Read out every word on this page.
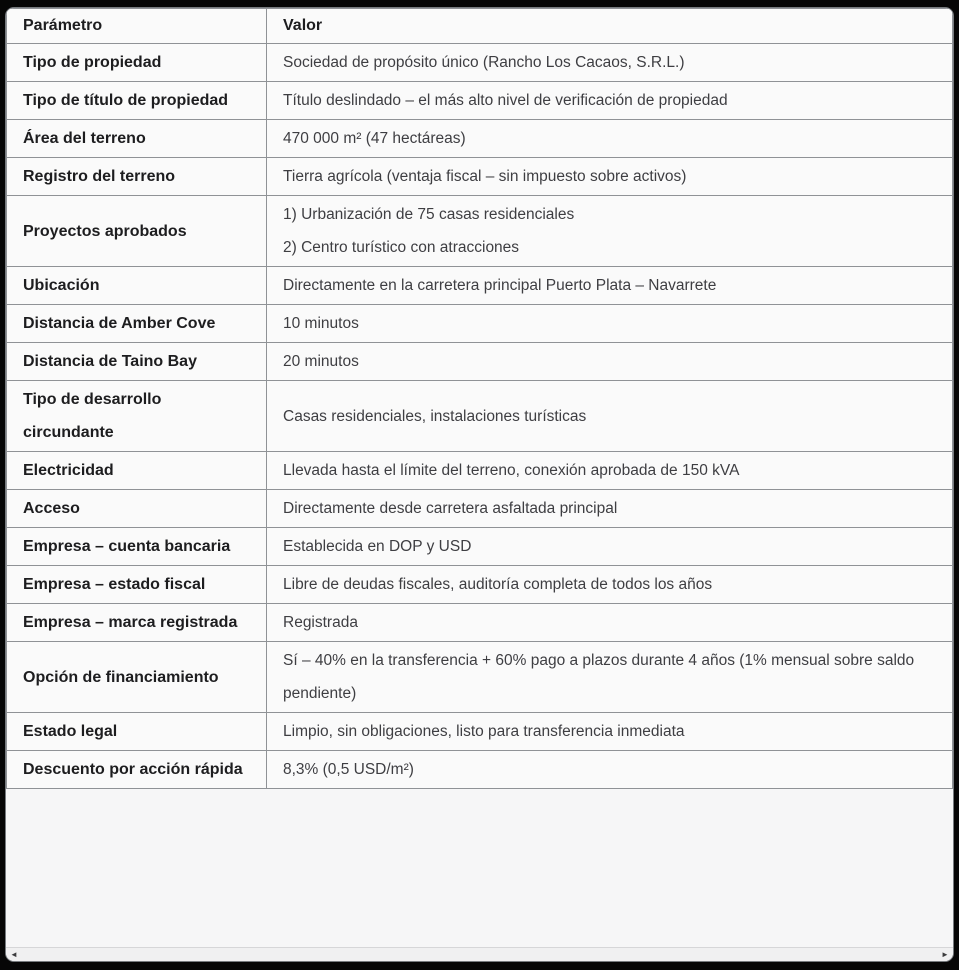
Parámetro	Valor
Tipo de propiedad	Sociedad de propósito único (Rancho Los Cacaos, S.R.L.)

Tipo de título de propiedad	Título deslindado – el más alto nivel de verificación de propiedad

Área del terreno	470 000 m² (47 hectáreas)

Registro del terreno	Tierra agrícola (ventaja fiscal – sin impuesto sobre activos)

Proyectos aprobados	1) Urbanización de 75 casas residenciales
2) Centro turístico con atracciones

Ubicación	Directamente en la carretera principal Puerto Plata – Navarrete

Distancia de Amber Cove	10 minutos

Distancia de Taino Bay	20 minutos

Tipo de desarrollo circundante	Casas residenciales, instalaciones turísticas

Electricidad	Llevada hasta el límite del terreno, conexión aprobada de 150 kVA

Acceso	Directamente desde carretera asfaltada principal

Empresa – cuenta bancaria	Establecida en DOP y USD

Empresa – estado fiscal	Libre de deudas fiscales, auditoría completa de todos los años

Empresa – marca registrada	Registrada

Opción de financiamiento	Sí – 40% en la transferencia + 60% pago a plazos durante 4 años (1% mensual sobre saldo pendiente)

Estado legal	Limpio, sin obligaciones, listo para transferencia inmediata

Descuento por acción rápida	8,3% (0,5 USD/m²)
◄	►
